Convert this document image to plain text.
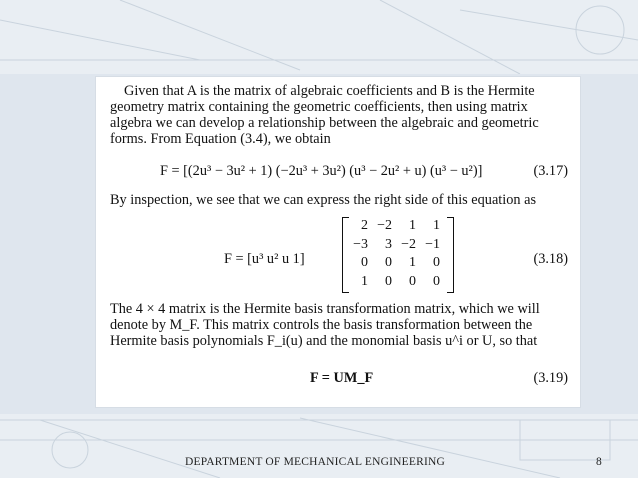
Given that A is the matrix of algebraic coefficients and B is the Hermite

geometry matrix containing the geometric coefficients, then using matrix

algebra we can develop a relationship between the algebraic and geometric

forms. From Equation (3.4), we obtain

F = [(2u³ − 3u² + 1) (−2u³ + 3u²) (u³ − 2u² + u) (u³ − u²)]	(3.17)

By inspection, we see that we can express the right side of this equation as

F = [u³ u² u 1]
2 −2	1	1
−3	3 −2 −1
0	0	1	0
1	0	0	0
(3.18)

The 4 × 4 matrix is the Hermite basis transformation matrix, which we will

denote by M_F. This matrix controls the basis transformation between the

Hermite basis polynomials F_i(u) and the monomial basis u^i or U, so that

F = UM_F	(3.19)
DEPARTMENT OF MECHANICAL ENGINEERING	8
